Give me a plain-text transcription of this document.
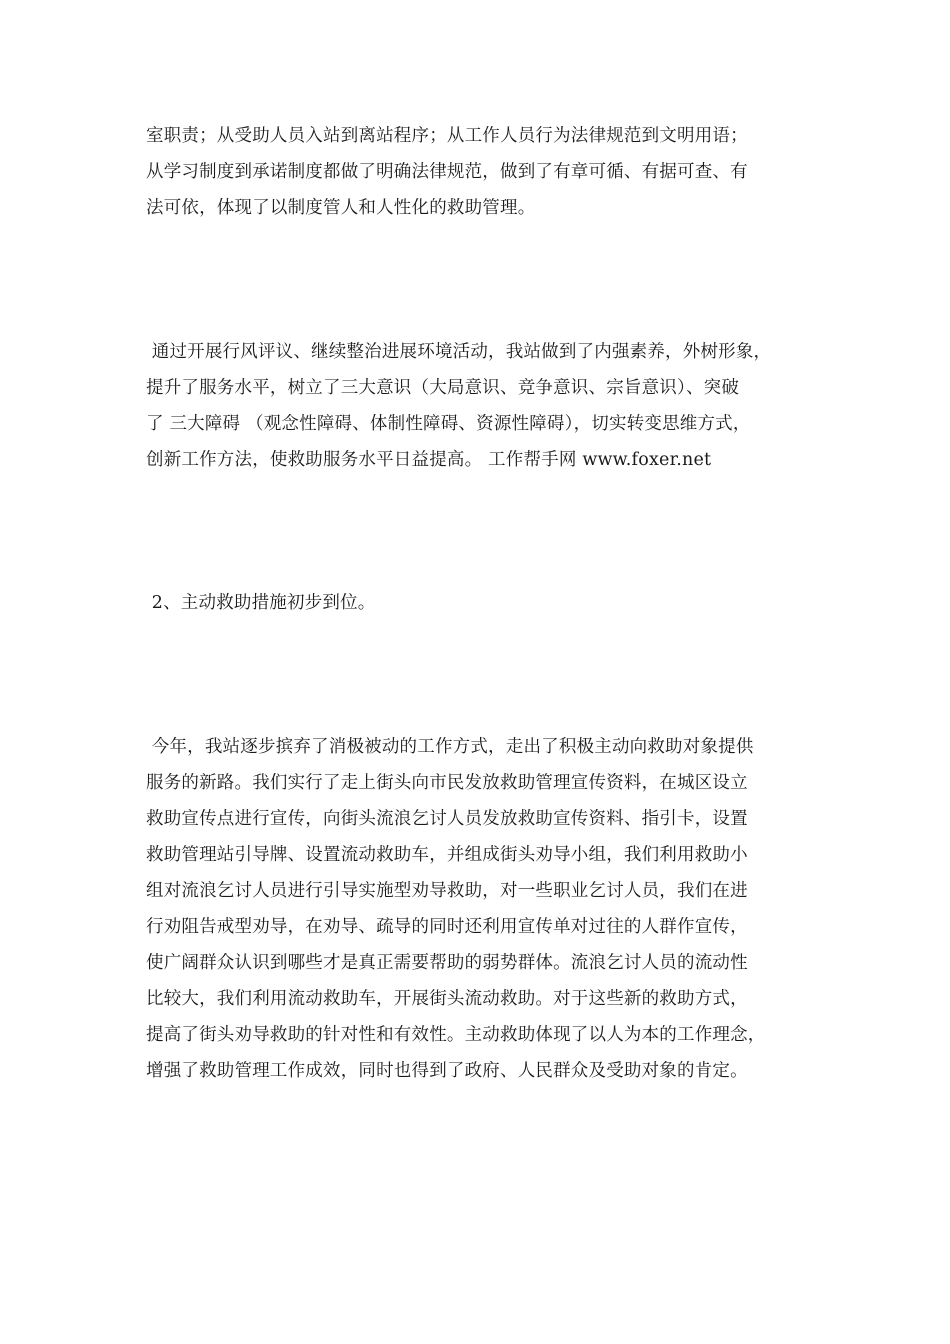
室职责；从受助人员入站到离站程序；从工作人员行为法律规范到文明用语；
从学习制度到承诺制度都做了明确法律规范，做到了有章可循、有据可查、有
法可依，体现了以制度管人和人性化的救助管理。
通过开展行风评议、继续整治进展环境活动，我站做到了内强素养，外树形象，
提升了服务水平，树立了三大意识（大局意识、竞争意识、宗旨意识）、突破
了 三大障碍 （观念性障碍、体制性障碍、资源性障碍），切实转变思维方式，
创新工作方法，使救助服务水平日益提高。 工作帮手网 www.foxer.net
2、主动救助措施初步到位。
今年，我站逐步摈弃了消极被动的工作方式，走出了积极主动向救助对象提供
服务的新路。我们实行了走上街头向市民发放救助管理宣传资料，在城区设立
救助宣传点进行宣传，向街头流浪乞讨人员发放救助宣传资料、指引卡，设置
救助管理站引导牌、设置流动救助车，并组成街头劝导小组，我们利用救助小
组对流浪乞讨人员进行引导实施型劝导救助，对一些职业乞讨人员，我们在进
行劝阻告戒型劝导，在劝导、疏导的同时还利用宣传单对过往的人群作宣传，
使广阔群众认识到哪些才是真正需要帮助的弱势群体。流浪乞讨人员的流动性
比较大，我们利用流动救助车，开展街头流动救助。对于这些新的救助方式，
提高了街头劝导救助的针对性和有效性。主动救助体现了以人为本的工作理念，
增强了救助管理工作成效，同时也得到了政府、人民群众及受助对象的肯定。
